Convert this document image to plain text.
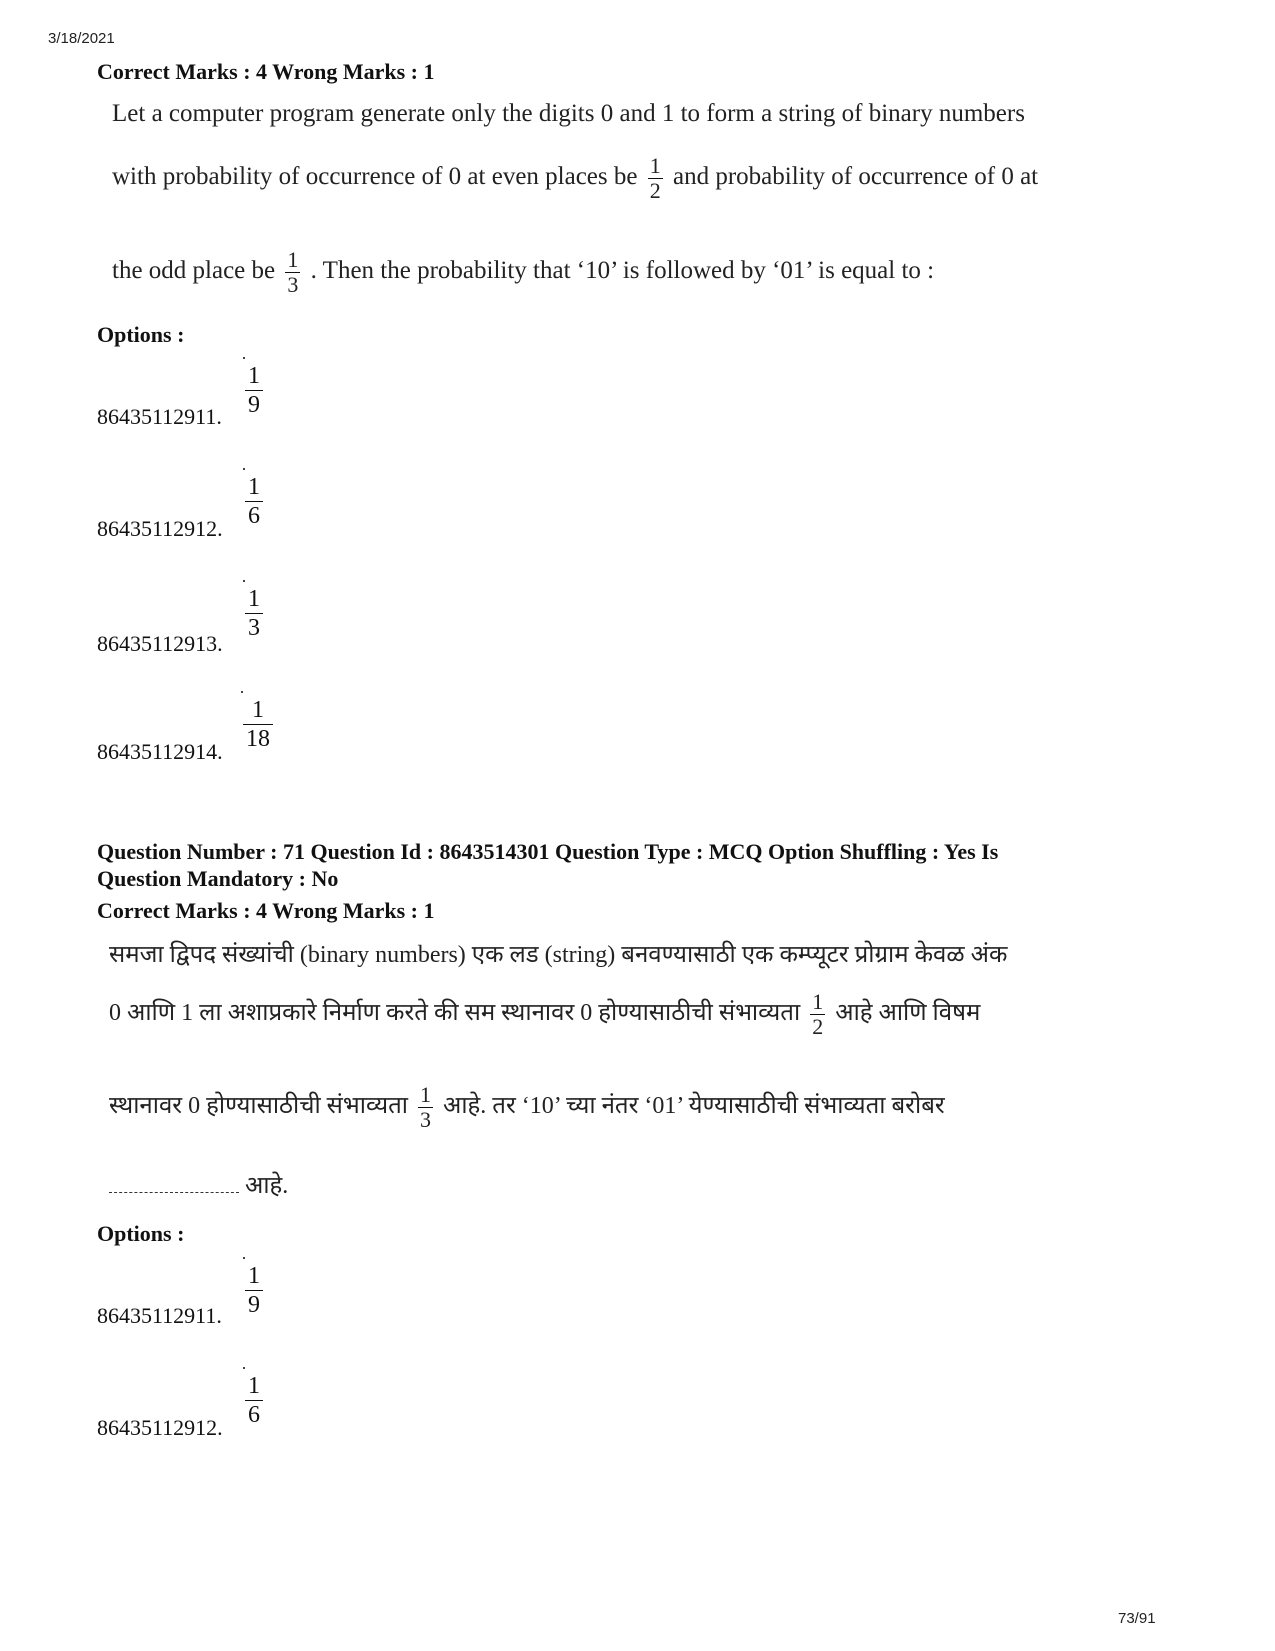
3/18/2021
73/91
Correct Marks : 4 Wrong Marks : 1
Let a computer program generate only the digits 0 and 1 to form a string of binary numbers
with probability of occurrence of 0 at even places be $\frac{1}{2}$ and probability of occurrence of 0 at
the odd place be $\frac{1}{3}$ . Then the probability that ‘10’ is followed by ‘01’ is equal to :
Options :
$\frac{1}{9}$
86435112911.
$\frac{1}{6}$
86435112912.
$\frac{1}{3}$
86435112913.
$\frac{1}{18}$
86435112914.
Question Number : 71 Question Id : 8643514301 Question Type : MCQ Option Shuffling : Yes Is
Question Mandatory : No
Correct Marks : 4 Wrong Marks : 1
समजा द्विपद संख्यांची (binary numbers) एक लड (string) बनवण्यासाठी एक कम्प्यूटर प्रोग्राम केवळ अंक
0 आणि 1 ला अशाप्रकारे निर्माण करते की सम स्थानावर 0 होण्यासाठीची संभाव्यता $\frac{1}{2}$ आहे आणि विषम
स्थानावर 0 होण्यासाठीची संभाव्यता $\frac{1}{3}$ आहे. तर ‘10’ च्या नंतर ‘01’ येण्यासाठीची संभाव्यता बरोबर
आहे.
Options :
$\frac{1}{9}$
86435112911.
$\frac{1}{6}$
86435112912.
